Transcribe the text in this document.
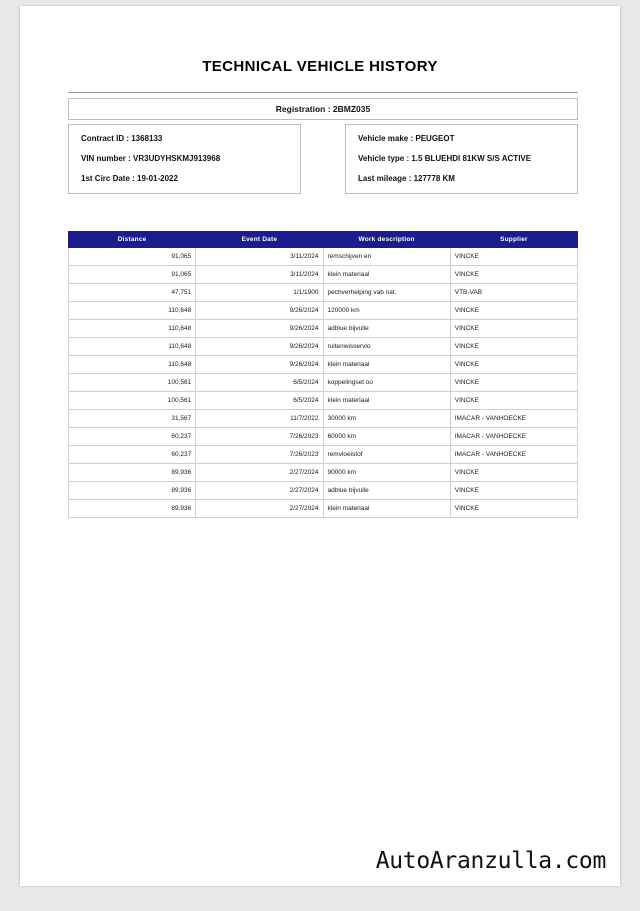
TECHNICAL VEHICLE HISTORY
Registration : 2BMZ035
Contract ID : 1368133
VIN number : VR3UDYHSKMJ913968
1st Circ Date : 19-01-2022
Vehicle make : PEUGEOT
Vehicle type : 1.5 BLUEHDI 81KW S/S ACTIVE
Last mileage : 127778 KM
Distance	Event Date	Work description	Supplier
91,065	3/11/2024	remschijven en	VINCKE
91,065	3/11/2024	klein materiaal	VINCKE
47,751	1/1/1900	pechverhelping vab nat.	VTB-VAB
110,648	9/26/2024	120000 km	VINCKE
110,648	9/26/2024	adblue bijvulle	VINCKE
110,648	9/26/2024	ruitenwisservlo	VINCKE
110,648	9/26/2024	klein materiaal	VINCKE
100,561	6/5/2024	koppelingset oo	VINCKE
100,561	6/5/2024	klein materiaal	VINCKE
31,567	11/7/2022	30000 km	IMACAR - VANHOECKE
60,237	7/26/2023	60000 km	IMACAR - VANHOECKE
60,237	7/26/2023	remvloeistof	IMACAR - VANHOECKE
89,936	2/27/2024	90000 km	VINCKE
89,936	2/27/2024	adblue bijvulle	VINCKE
89,936	2/27/2024	klein materiaal	VINCKE
AutoAranzulla.com
